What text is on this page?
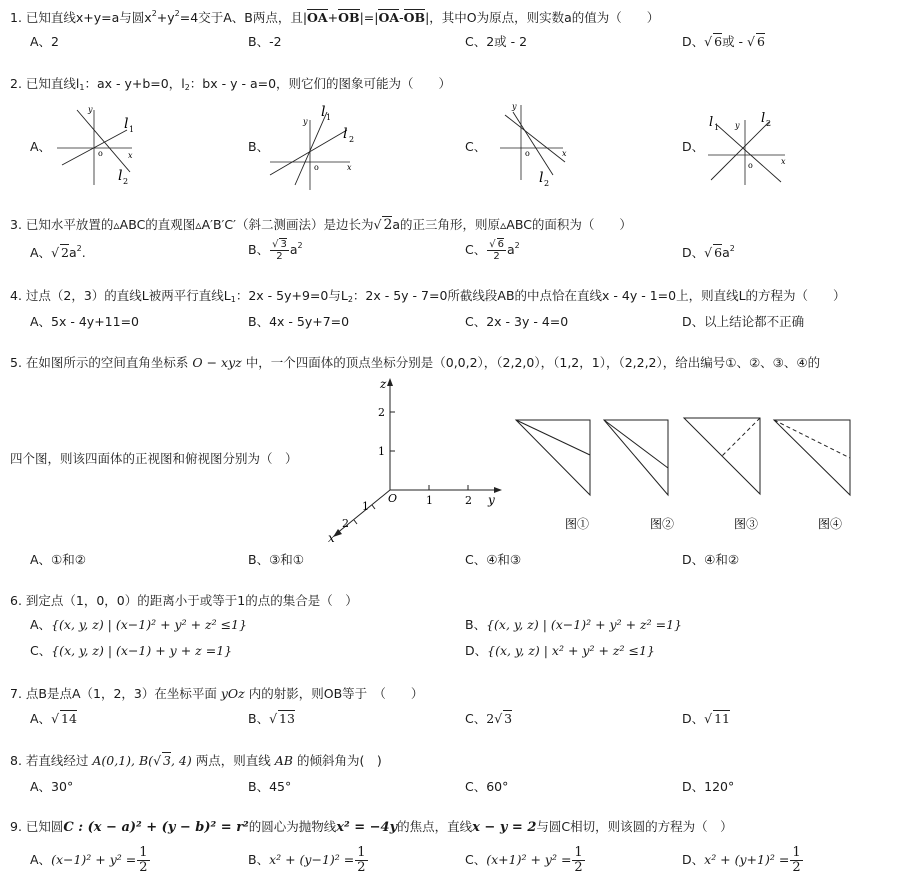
1. 已知直线x+y=a与圆$x^2+y^2=4$交于A、B两点，且|OA+OB|=|OA-OB|，其中O为原点，则实数a的值为（　　）
A、2	B、-2	C、2或 - 2	D、√ 6或 - √ 6
2. 已知直线$l_1$：ax - y+b=0，$l_2$：bx - y - a=0，则它们的图象可能为（　　）
A、	B、	C、	D、
y
x
o
l 1
l 2
y
x
o
l 1
l 2
y
x
o
l 2
y
x
o
l 1
l 2
3. 已知水平放置的▵ABC的直观图▵A′B′C′（斜二测画法）是边长为√ 2a的正三角形，则原▵ABC的面积为（　　）
A、√ $2a^2$.	B、 $\frac{√ 3}{2} a^2$	C、 $\frac{√ 6}{2} a^2$	D、√ $6a^2$
4. 过点（2，3）的直线L被两平行直线$L_1$：2x - 5y+9=0与$L_2$：2x - 5y - 7=0所截线段AB的中点恰在直线x - 4y - 1=0上，则直线L的方程为（　　）
A、5x - 4y+11=0	B、4x - 5y+7=0	C、2x - 3y - 4=0	D、以上结论都不正确
5. 在如图所示的空间直角坐标系 O − xyz 中，一个四面体的顶点坐标分别是（0,0,2），（2,2,0），（1,2，1），（2,2,2），给出编号①、②、③、④的
四个图，则该四面体的正视图和俯视图分别为（　）
z
2
1
1	2 y
O
1
2
x
图①	图②	图③	图④
A、①和②	B、③和①	C、④和③	D、④和②
6. 到定点（1，0，0）的距离小于或等于1的点的集合是（　）
A、{(x, y, z) | (x−1)² + y² + z² ≤1}	B、{(x, y, z) | (x−1)² + y² + z² =1}
C、{(x, y, z) | (x−1) + y + z =1}	D、{(x, y, z) | x² + y² + z² ≤1}
7. 点B是点A（1，2，3）在坐标平面 yOz 内的射影，则OB等于　（　　）
A、√ 14	B、√ 13	C、2√ 3	D、√ 11
8. 若直线经过 A(0,1), B(√ 3, 4) 两点，则直线 AB 的倾斜角为(　)
A、30°	B、45°	C、60°	D、120°
9. 已知圆C : (x − a)² + (y − b)² = r²的圆心为抛物线x² = −4y的焦点，直线x − y = 2与圆C相切，则该圆的方程为（　）
A、$(x-1)^2 + y^2 = \frac{1}{2}$	B、$x^2 + (y-1)^2 = \frac{1}{2}$	C、$(x+1)^2 + y^2 = \frac{1}{2}$	D、$x^2 + (y+1)^2 = \frac{1}{2}$
